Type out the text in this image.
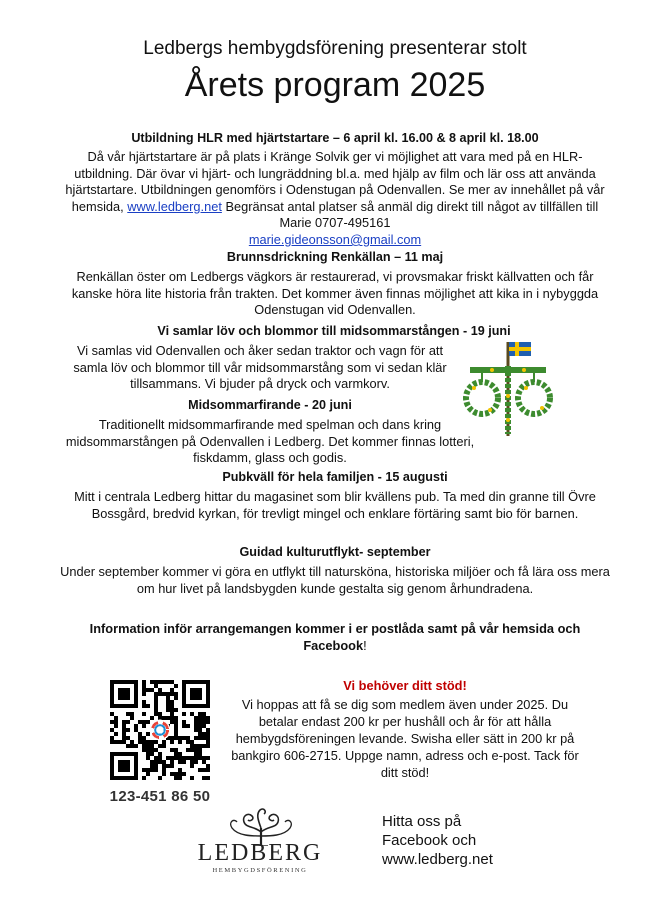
Ledbergs hembygdsförening presenterar stolt
Årets program 2025

Utbildning HLR med hjärtstartare – 6 april kl. 16.00 & 8 april kl. 18.00

Då vår hjärtstartare är på plats i Kränge Solvik ger vi möjlighet att vara med på en HLR-utbildning. Där övar vi hjärt- och lungräddning bl.a. med hjälp av film och lär oss att använda hjärtstartare. Utbildningen genomförs i Odenstugan på Odenvallen. Se mer av innehållet på vår hemsida, www.ledberg.net Begränsat antal platser så anmäl dig direkt till något av tillfällen till Marie 0707-495161
marie.gideonsson@gmail.com

Brunnsdrickning Renkällan – 11 maj

Renkällan öster om Ledbergs vägkors är restaurerad, vi provsmakar friskt källvatten och får kanske höra lite historia från trakten. Det kommer även finnas möjlighet att kika in i nybyggda Odenstugan vid Odenvallen.

Vi samlar löv och blommor till midsommarstången - 19 juni

Vi samlas vid Odenvallen och åker sedan traktor och vagn för att samla löv och blommor till vår midsommarstång som vi sedan klär tillsammans. Vi bjuder på dryck och varmkorv.

Midsommarfirande - 20 juni

Traditionellt midsommarfirande med spelman och dans kring midsommarstången på Odenvallen i Ledberg. Det kommer finnas lotteri, fiskdamm, glass och godis.

Pubkväll för hela familjen - 15 augusti

Mitt i centrala Ledberg hittar du magasinet som blir kvällens pub. Ta med din granne till Övre Bossgård, bredvid kyrkan, för trevligt mingel och enklare förtäring samt bio för barnen.

Guidad kulturutflykt- september

Under september kommer vi göra en utflykt till natursköna, historiska miljöer och få lära oss mera om hur livet på landsbygden kunde gestalta sig genom århundradena.

Information inför arrangemangen kommer i er postlåda samt på vår hemsida och Facebook!
123-451 86 50

Vi behöver ditt stöd!

Vi hoppas att få se dig som medlem även under 2025. Du betalar endast 200 kr per hushåll och år för att hålla hembygdsföreningen levande. Swisha eller sätt in 200 kr på bankgiro 606-2715. Uppge namn, adress och e-post. Tack för ditt stöd!

LEDBERG
HEMBYGDSFÖRENING
Hitta oss på
Facebook och
www.ledberg.net
